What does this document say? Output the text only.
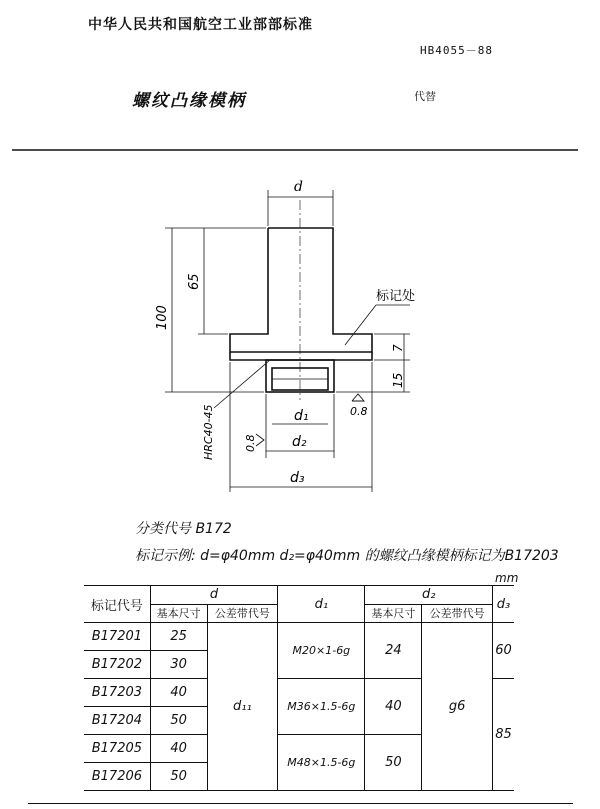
中华人民共和国航空工业部部标准
HB4055－88
螺纹凸缘模柄	代替
d
65
100
7
15
标记处
HRC40-45	0.8
0.8
d₁
d₂
d₃
分类代号 B172
标记示例: d=φ40mm d₂=φ40mm 的螺纹凸缘模柄标记为B17203
mm
标记代号	d		d₁	d₂		d₃
	基本尺寸	公差带代号		基本尺寸	公差带代号	
B17201	25	d₁₁	M20×1-6g	24	g6	60
B17202	30					
B17203	40		M36×1.5-6g	40		85
B17204	50					
B17205	40		M48×1.5-6g	50		
B17206	50					
